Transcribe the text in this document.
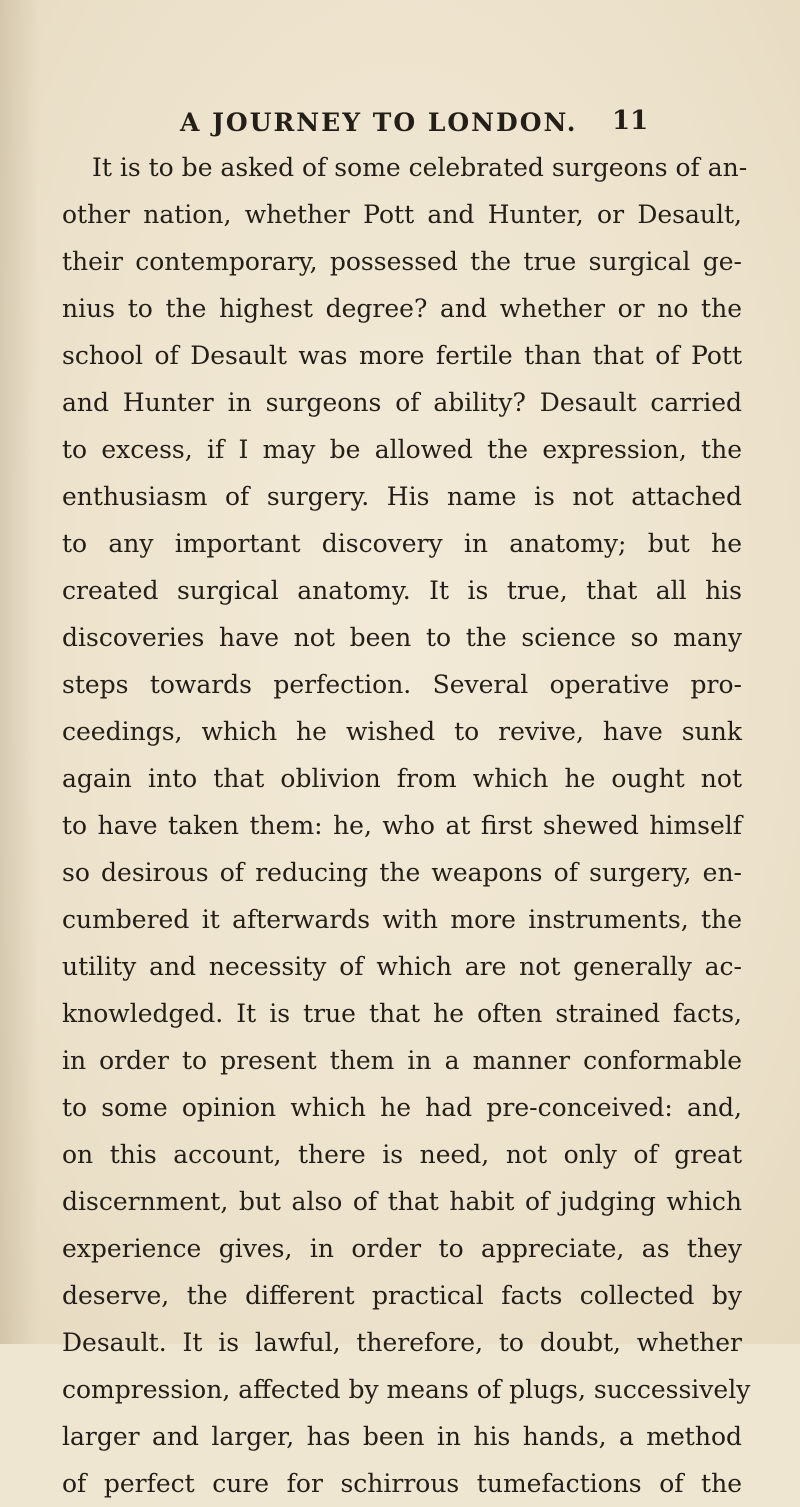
A JOURNEY TO LONDON. 11
It is to be asked of some celebrated surgeons of an-
other nation, whether Pott and Hunter, or Desault,
their contemporary, possessed the true surgical ge-
nius to the highest degree? and whether or no the
school of Desault was more fertile than that of Pott
and Hunter in surgeons of ability? Desault carried
to excess, if I may be allowed the expression, the
enthusiasm of surgery. His name is not attached
to any important discovery in anatomy; but he
created surgical anatomy. It is true, that all his
discoveries have not been to the science so many
steps towards perfection. Several operative pro-
ceedings, which he wished to revive, have sunk
again into that oblivion from which he ought not
to have taken them: he, who at first shewed himself
so desirous of reducing the weapons of surgery, en-
cumbered it afterwards with more instruments, the
utility and necessity of which are not generally ac-
knowledged. It is true that he often strained facts,
in order to present them in a manner conformable
to some opinion which he had pre-conceived: and,
on this account, there is need, not only of great
discernment, but also of that habit of judging which
experience gives, in order to appreciate, as they
deserve, the different practical facts collected by
Desault. It is lawful, therefore, to doubt, whether
compression, affected by means of plugs, successively
larger and larger, has been in his hands, a method
of perfect cure for schirrous tumefactions of the
